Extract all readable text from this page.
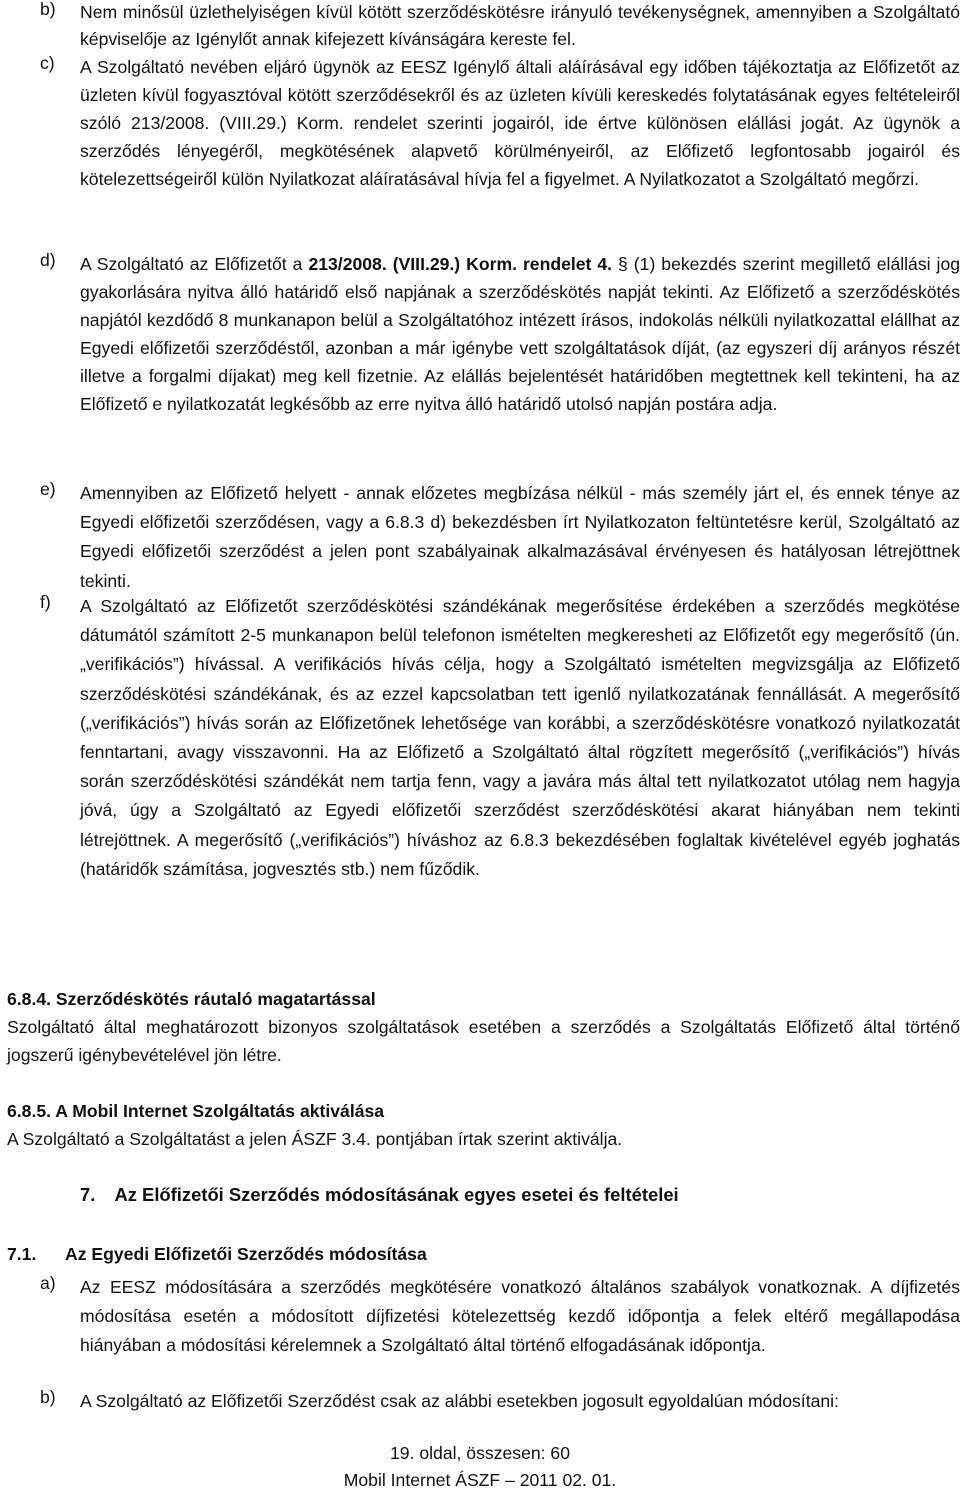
b) Nem minősül üzlethelyiségen kívül kötött szerződéskötésre irányuló tevékenységnek, amennyiben a Szolgáltató képviselője az Igénylőt annak kifejezett kívánságára kereste fel.
c) A Szolgáltató nevében eljáró ügynök az EESZ Igénylő általi aláírásával egy időben tájékoztatja az Előfizetőt az üzleten kívül fogyasztóval kötött szerződésekről és az üzleten kívüli kereskedés folytatásának egyes feltételeiről szóló 213/2008. (VIII.29.) Korm. rendelet szerinti jogairól, ide értve különösen elállási jogát. Az ügynök a szerződés lényegéről, megkötésének alapvető körülményeiről, az Előfizető legfontosabb jogairól és kötelezettségeiről külön Nyilatkozat aláíratásával hívja fel a figyelmet. A Nyilatkozatot a Szolgáltató megőrzi.
d) A Szolgáltató az Előfizetőt a 213/2008. (VIII.29.) Korm. rendelet 4. § (1) bekezdés szerint megillető elállási jog gyakorlására nyitva álló határidő első napjának a szerződéskötés napját tekinti. Az Előfizető a szerződéskötés napjától kezdődő 8 munkanapon belül a Szolgáltatóhoz intézett írásos, indokolás nélküli nyilatkozattal elállhat az Egyedi előfizetői szerződéstől, azonban a már igénybe vett szolgáltatások díját, (az egyszeri díj arányos részét illetve a forgalmi díjakat) meg kell fizetnie. Az elállás bejelentését határidőben megtettnek kell tekinteni, ha az Előfizető e nyilatkozatát legkésőbb az erre nyitva álló határidő utolsó napján postára adja.
e) Amennyiben az Előfizető helyett - annak előzetes megbízása nélkül - más személy járt el, és ennek ténye az Egyedi előfizetői szerződésen, vagy a 6.8.3 d) bekezdésben írt Nyilatkozaton feltüntetésre kerül, Szolgáltató az Egyedi előfizetői szerződést a jelen pont szabályainak alkalmazásával érvényesen és hatályosan létrejöttnek tekinti.
f) A Szolgáltató az Előfizetőt szerződéskötési szándékának megerősítése érdekében a szerződés megkötése dátumától számított 2-5 munkanapon belül telefonon ismételten megkeresheti az Előfizetőt egy megerősítő (ún. „verifikációs”) hívással. A verifikációs hívás célja, hogy a Szolgáltató ismételten megvizsgálja az Előfizető szerződéskötési szándékának, és az ezzel kapcsolatban tett igenlő nyilatkozatának fennállását. A megerősítő („verifikációs”) hívás során az Előfizetőnek lehetősége van korábbi, a szerződéskötésre vonatkozó nyilatkozatát fenntartani, avagy visszavonni. Ha az Előfizető a Szolgáltató által rögzített megerősítő („verifikációs”) hívás során szerződéskötési szándékát nem tartja fenn, vagy a javára más által tett nyilatkozatot utólag nem hagyja jóvá, úgy a Szolgáltató az Egyedi előfizetői szerződést szerződéskötési akarat hiányában nem tekinti létrejöttnek. A megerősítő („verifikációs”) híváshoz az 6.8.3 bekezdésében foglaltak kivételével egyéb joghatás (határidők számítása, jogvesztés stb.) nem fűződik.
6.8.4. Szerződéskötés ráutaló magatartással
Szolgáltató által meghatározott bizonyos szolgáltatások esetében a szerződés a Szolgáltatás Előfizető által történő jogszerű igénybevételével jön létre.
6.8.5. A Mobil Internet Szolgáltatás aktiválása
A Szolgáltató a Szolgáltatást a jelen ÁSZF 3.4. pontjában írtak szerint aktiválja.
7. Az Előfizetői Szerződés módosításának egyes esetei és feltételei
7.1. Az Egyedi Előfizetői Szerződés módosítása
a) Az EESZ módosítására a szerződés megkötésére vonatkozó általános szabályok vonatkoznak. A díjfizetés módosítása esetén a módosított díjfizetési kötelezettség kezdő időpontja a felek eltérő megállapodása hiányában a módosítási kérelemnek a Szolgáltató által történő elfogadásának időpontja.
b) A Szolgáltató az Előfizetői Szerződést csak az alábbi esetekben jogosult egyoldalúan módosítani:
19. oldal, összesen: 60
Mobil Internet ÁSZF – 2011 02. 01.
